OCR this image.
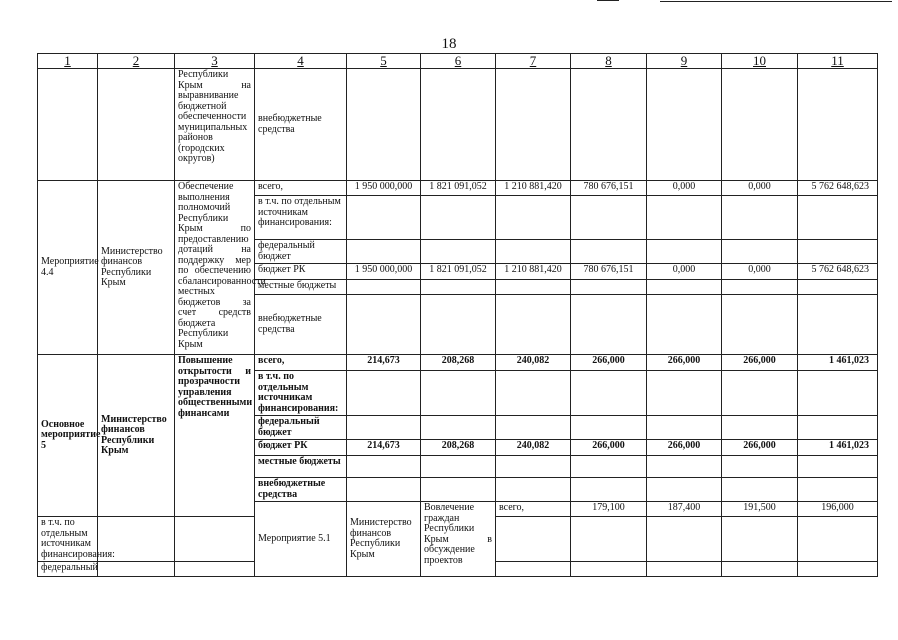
18
1	2	3	4	5	6	7	8	9	10	11	
		Республики Крым на выравнивание бюджетной обеспеченности муниципальных районов (городских округов)	внебюджетные средства								
Мероприятие 4.4	Министерство финансов Республики Крым	Обеспечение выполнения полномочий Республики Крым по предоставлению дотаций на поддержку мер по обеспечению сбалансированности местных бюджетов за счет средств бюджета Республики Крым	всего,	1 950 000,000	1 821 091,052	1 210 881,420	780 676,151	0,000	0,000	5 762 648,623	
			в т.ч. по отдельным источникам финансирования:								
			федеральный бюджет								
			бюджет РК	1 950 000,000	1 821 091,052	1 210 881,420	780 676,151	0,000	0,000	5 762 648,623	
			местные бюджеты								
			внебюджетные средства								
Основное мероприятие 5	Министерство финансов Республики Крым	Повышение открытости и прозрачности управления общественными финансами	всего,	214,673	208,268	240,082	266,000	266,000	266,000	1 461,023	
			в т.ч. по отдельным источникам финансирования:								
			федеральный бюджет								
			бюджет РК	214,673	208,268	240,082	266,000	266,000	266,000	1 461,023	
			местные бюджеты								
			внебюджетные средства								
			Мероприятие 5.1	Министерство финансов Республики Крым	Вовлечение граждан Республики Крым в обсуждение проектов	всего,	179,100	187,400	191,500	196,000			
в т.ч. по отдельным источникам финансирования:											
федеральный											
